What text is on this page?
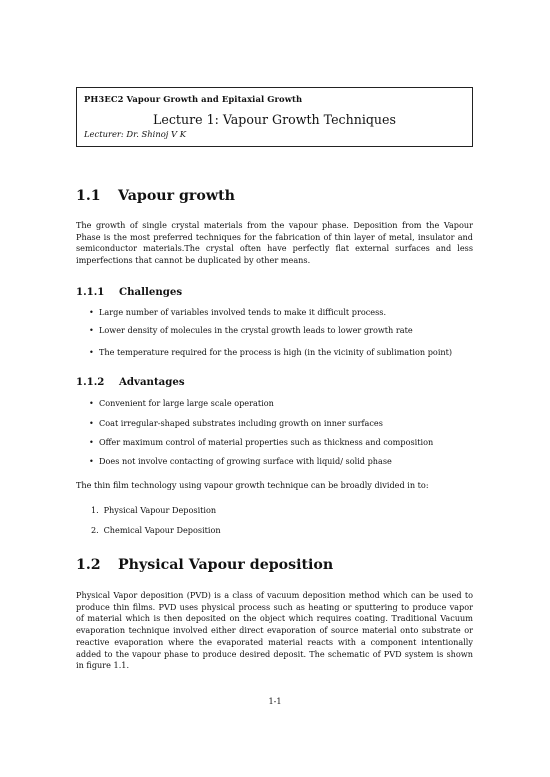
PH3EC2 Vapour Growth and Epitaxial Growth
Lecture 1: Vapour Growth Techniques
Lecturer: Dr. Shinoj V K
1.1 Vapour growth

The growth of single crystal materials from the vapour phase. Deposition from the Vapour Phase is the most preferred techniques for the fabrication of thin layer of metal, insulator and semiconductor materials.The crystal often have perfectly flat external surfaces and less imperfections that cannot be duplicated by other means.

1.1.1 Challenges
• Large number of variables involved tends to make it difficult process.
• Lower density of molecules in the crystal growth leads to lower growth rate
• The temperature required for the process is high (in the vicinity of sublimation point)
1.1.2 Advantages
• Convenient for large large scale operation
• Coat irregular-shaped substrates including growth on inner surfaces
• Offer maximum control of material properties such as thickness and composition
• Does not involve contacting of growing surface with liquid/ solid phase
The thin film technology using vapour growth technique can be broadly divided in to:
1. Physical Vapour Deposition
2. Chemical Vapour Deposition
1.2 Physical Vapour deposition

Physical Vapor deposition (PVD) is a class of vacuum deposition method which can be used to produce thin films. PVD uses physical process such as heating or sputtering to produce vapor of material which is then deposited on the object which requires coating. Traditional Vacuum evaporation technique involved either direct evaporation of source material onto substrate or reactive evaporation where the evaporated material reacts with a component intentionally added to the vapour phase to produce desired deposit. The schematic of PVD system is shown in figure 1.1.

1-1
